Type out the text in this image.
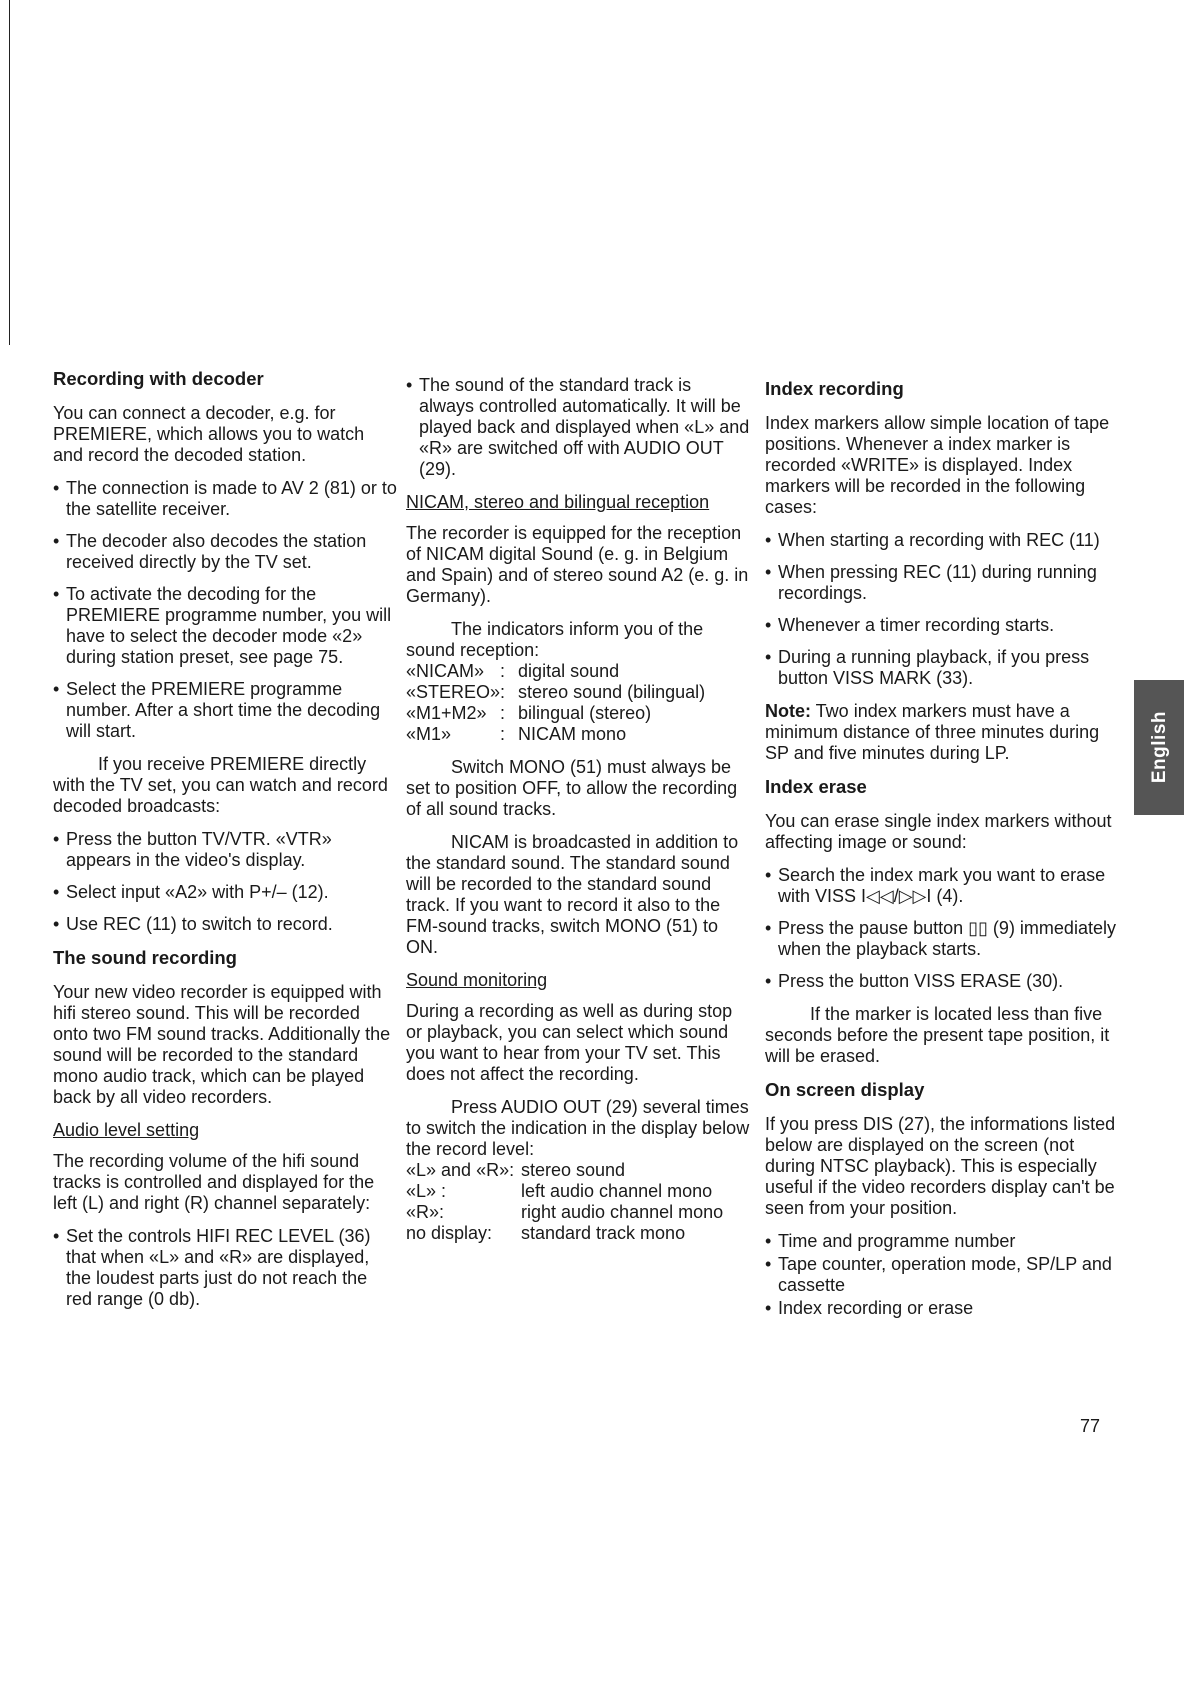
Recording with decoder

You can connect a decoder, e.g. for PREMIERE, which allows you to watch and record the decoded station.

• The connection is made to AV 2 (81) or to the satellite receiver.
• The decoder also decodes the station received directly by the TV set.
• To activate the decoding for the PREMIERE programme number, you will have to select the decoder mode «2» during station preset, see page 75.
• Select the PREMIERE programme number. After a short time the decoding will start.

If you receive PREMIERE directly with the TV set, you can watch and record decoded broadcasts:

• Press the button TV/VTR. «VTR» appears in the video's display.
• Select input «A2» with P+/– (12).
• Use REC (11) to switch to record.
The sound recording

Your new video recorder is equipped with hifi stereo sound. This will be recorded onto two FM sound tracks. Additionally the sound will be recorded to the standard mono audio track, which can be played back by all video recorders.

Audio level setting

The recording volume of the hifi sound tracks is controlled and displayed for the left (L) and right (R) channel separately:

• Set the controls HIFI REC LEVEL (36) that when «L» and «R» are displayed, the loudest parts just do not reach the red range (0 db).
• The sound of the standard track is always controlled automatically. It will be played back and displayed when «L» and «R» are switched off with AUDIO OUT (29).

NICAM, stereo and bilingual reception

The recorder is equipped for the reception of NICAM digital Sound (e. g. in Belgium and Spain) and of stereo sound A2 (e. g. in Germany).

The indicators inform you of the sound reception:

«NICAM»	:	digital sound
«STEREO»	:	stereo sound (bilingual)
«M1+M2»	:	bilingual (stereo)
«M1»	:	NICAM mono

Switch MONO (51) must always be set to position OFF, to allow the recording of all sound tracks.

NICAM is broadcasted in addition to the standard sound. The standard sound will be recorded to the standard sound track. If you want to record it also to the FM-sound tracks, switch MONO (51) to ON.

Sound monitoring

During a recording as well as during stop or playback, you can select which sound you want to hear from your TV set. This does not affect the recording.

Press AUDIO OUT (29) several times to switch the indication in the display below the record level:

«L» and «R»:	stereo sound
«L» :	left audio channel mono
«R»:	right audio channel mono
no display:	standard track mono
Index recording

Index markers allow simple location of tape positions. Whenever a index marker is recorded «WRITE» is displayed. Index markers will be recorded in the following cases:

• When starting a recording with REC (11)
• When pressing REC (11) during running recordings.
• Whenever a timer recording starts.
• During a running playback, if you press button VISS MARK (33).

Note: Two index markers must have a minimum distance of three minutes during SP and five minutes during LP.

Index erase

You can erase single index markers without affecting image or sound:

• Search the index mark you want to erase with VISS I◁◁/▷▷I (4).
• Press the pause button ▯▯ (9) immediately when the playback starts.
• Press the button VISS ERASE (30).

If the marker is located less than five seconds before the present tape position, it will be erased.

On screen display

If you press DIS (27), the informations listed below are displayed on the screen (not during NTSC playback). This is especially useful if the video recorders display can't be seen from your position.

• Time and programme number
• Tape counter, operation mode, SP/LP and cassette
• Index recording or erase
English
77
